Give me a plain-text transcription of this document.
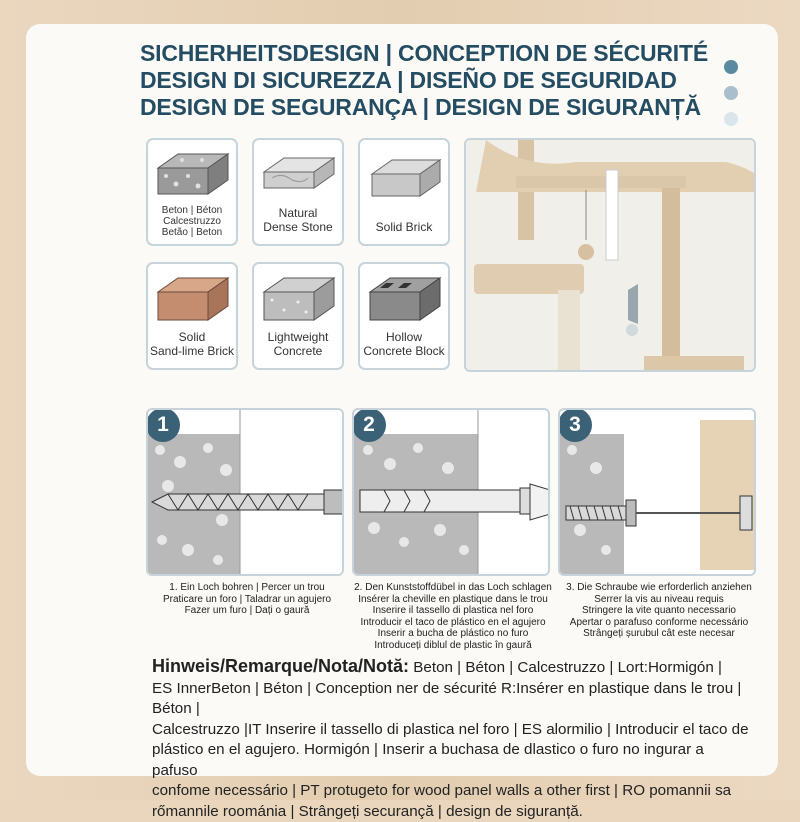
SICHERHEITSDESIGN | CONCEPTION DE SÉCURITÉ
DESIGN DI SICUREZZA | DISEÑO DE SEGURIDAD
DESIGN DE SEGURANÇA | DESIGN DE SIGURANȚĂ
Beton | Béton
Calcestruzzo
Betão | Beton
Natural
Dense Stone	Solid Brick
Solid
Sand-lime Brick
Lightweight
Concrete
Hollow
Concrete Block
1	2	3
1. Ein Loch bohren | Percer un trou
Praticare un foro | Taladrar un agujero
Fazer um furo | Dați o gaură
2. Den Kunststoffdübel in das Loch schlagen
Insérer la cheville en plastique dans le trou
Inserire il tassello di plastica nel foro
Introducir el taco de plástico en el agujero
Inserir a bucha de plástico no furo
Introduceți diblul de plastic în gaură
3. Die Schraube wie erforderlich anziehen
Serrer la vis au niveau requis
Stringere la vite quanto necessario
Apertar o parafuso conforme necessário
Strângeți șurubul cât este necesar
Hinweis/Remarque/Nota/Notă: Beton | Béton | Calcestruzzo | Lort:Hormigón |
ES InnerBeton | Béton | Conception ner de sécurité R:Insérer en plastique dans le trou | Béton |
Calcestruzzo |IT Inserire il tassello di plastica nel foro | ES alormilio | Introducir el taco de
plástico en el agujero. Hormigón | Inserir a buchasa de dlastico o furo no ingurar a pafuso
confome necessário | PT protugeto for wood panel walls a other first | RO pomannii sa
rőmannile roománia | Strângeți securançă | design de siguranță.
